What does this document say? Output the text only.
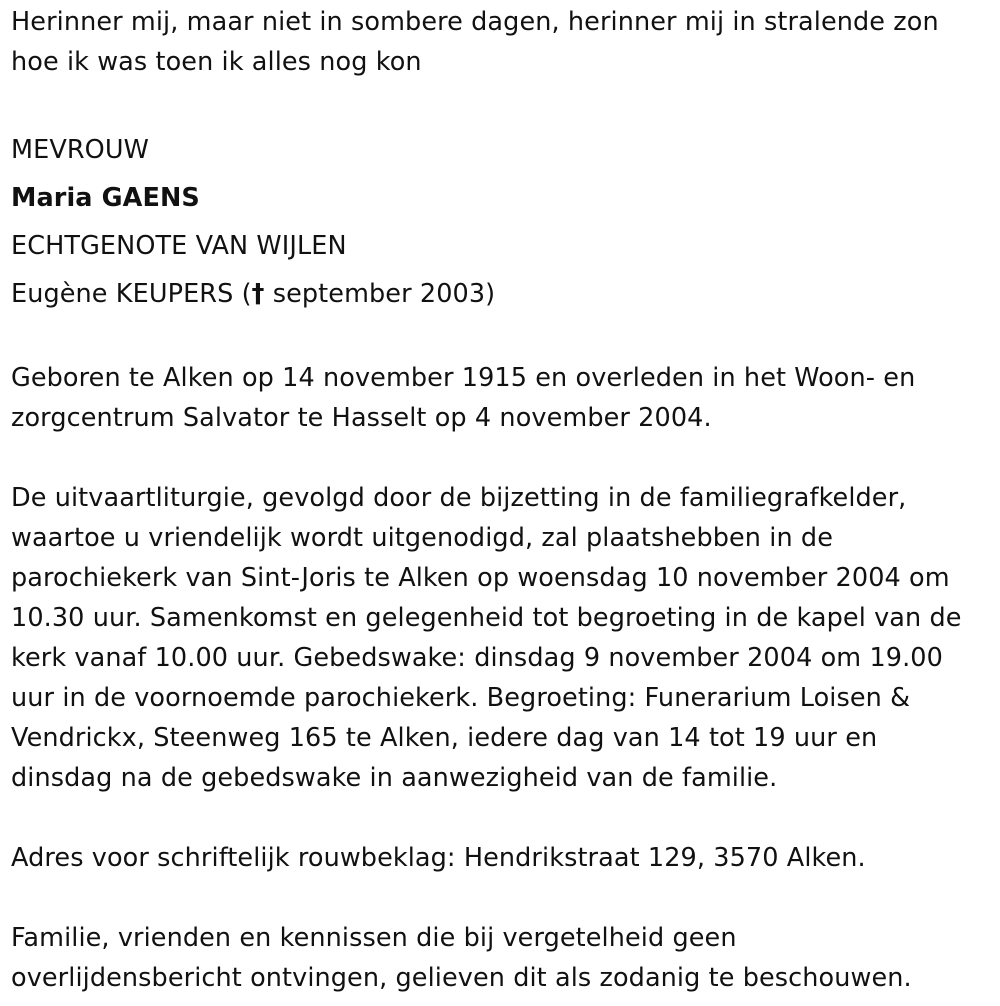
Herinner mij, maar niet in sombere dagen, herinner mij in stralende zon

hoe ik was toen ik alles nog kon

MEVROUW

Maria GAENS

ECHTGENOTE VAN WIJLEN

Eugène KEUPERS († september 2003)

Geboren te Alken op 14 november 1915 en overleden in het Woon- en

zorgcentrum Salvator te Hasselt op 4 november 2004.

De uitvaartliturgie, gevolgd door de bijzetting in de familiegrafkelder,

waartoe u vriendelijk wordt uitgenodigd, zal plaatshebben in de

parochiekerk van Sint-Joris te Alken op woensdag 10 november 2004 om

10.30 uur. Samenkomst en gelegenheid tot begroeting in de kapel van de

kerk vanaf 10.00 uur. Gebedswake: dinsdag 9 november 2004 om 19.00

uur in de voornoemde parochiekerk. Begroeting: Funerarium Loisen &

Vendrickx, Steenweg 165 te Alken, iedere dag van 14 tot 19 uur en

dinsdag na de gebedswake in aanwezigheid van de familie.

Adres voor schriftelijk rouwbeklag: Hendrikstraat 129, 3570 Alken.

Familie, vrienden en kennissen die bij vergetelheid geen

overlijdensbericht ontvingen, gelieven dit als zodanig te beschouwen.
